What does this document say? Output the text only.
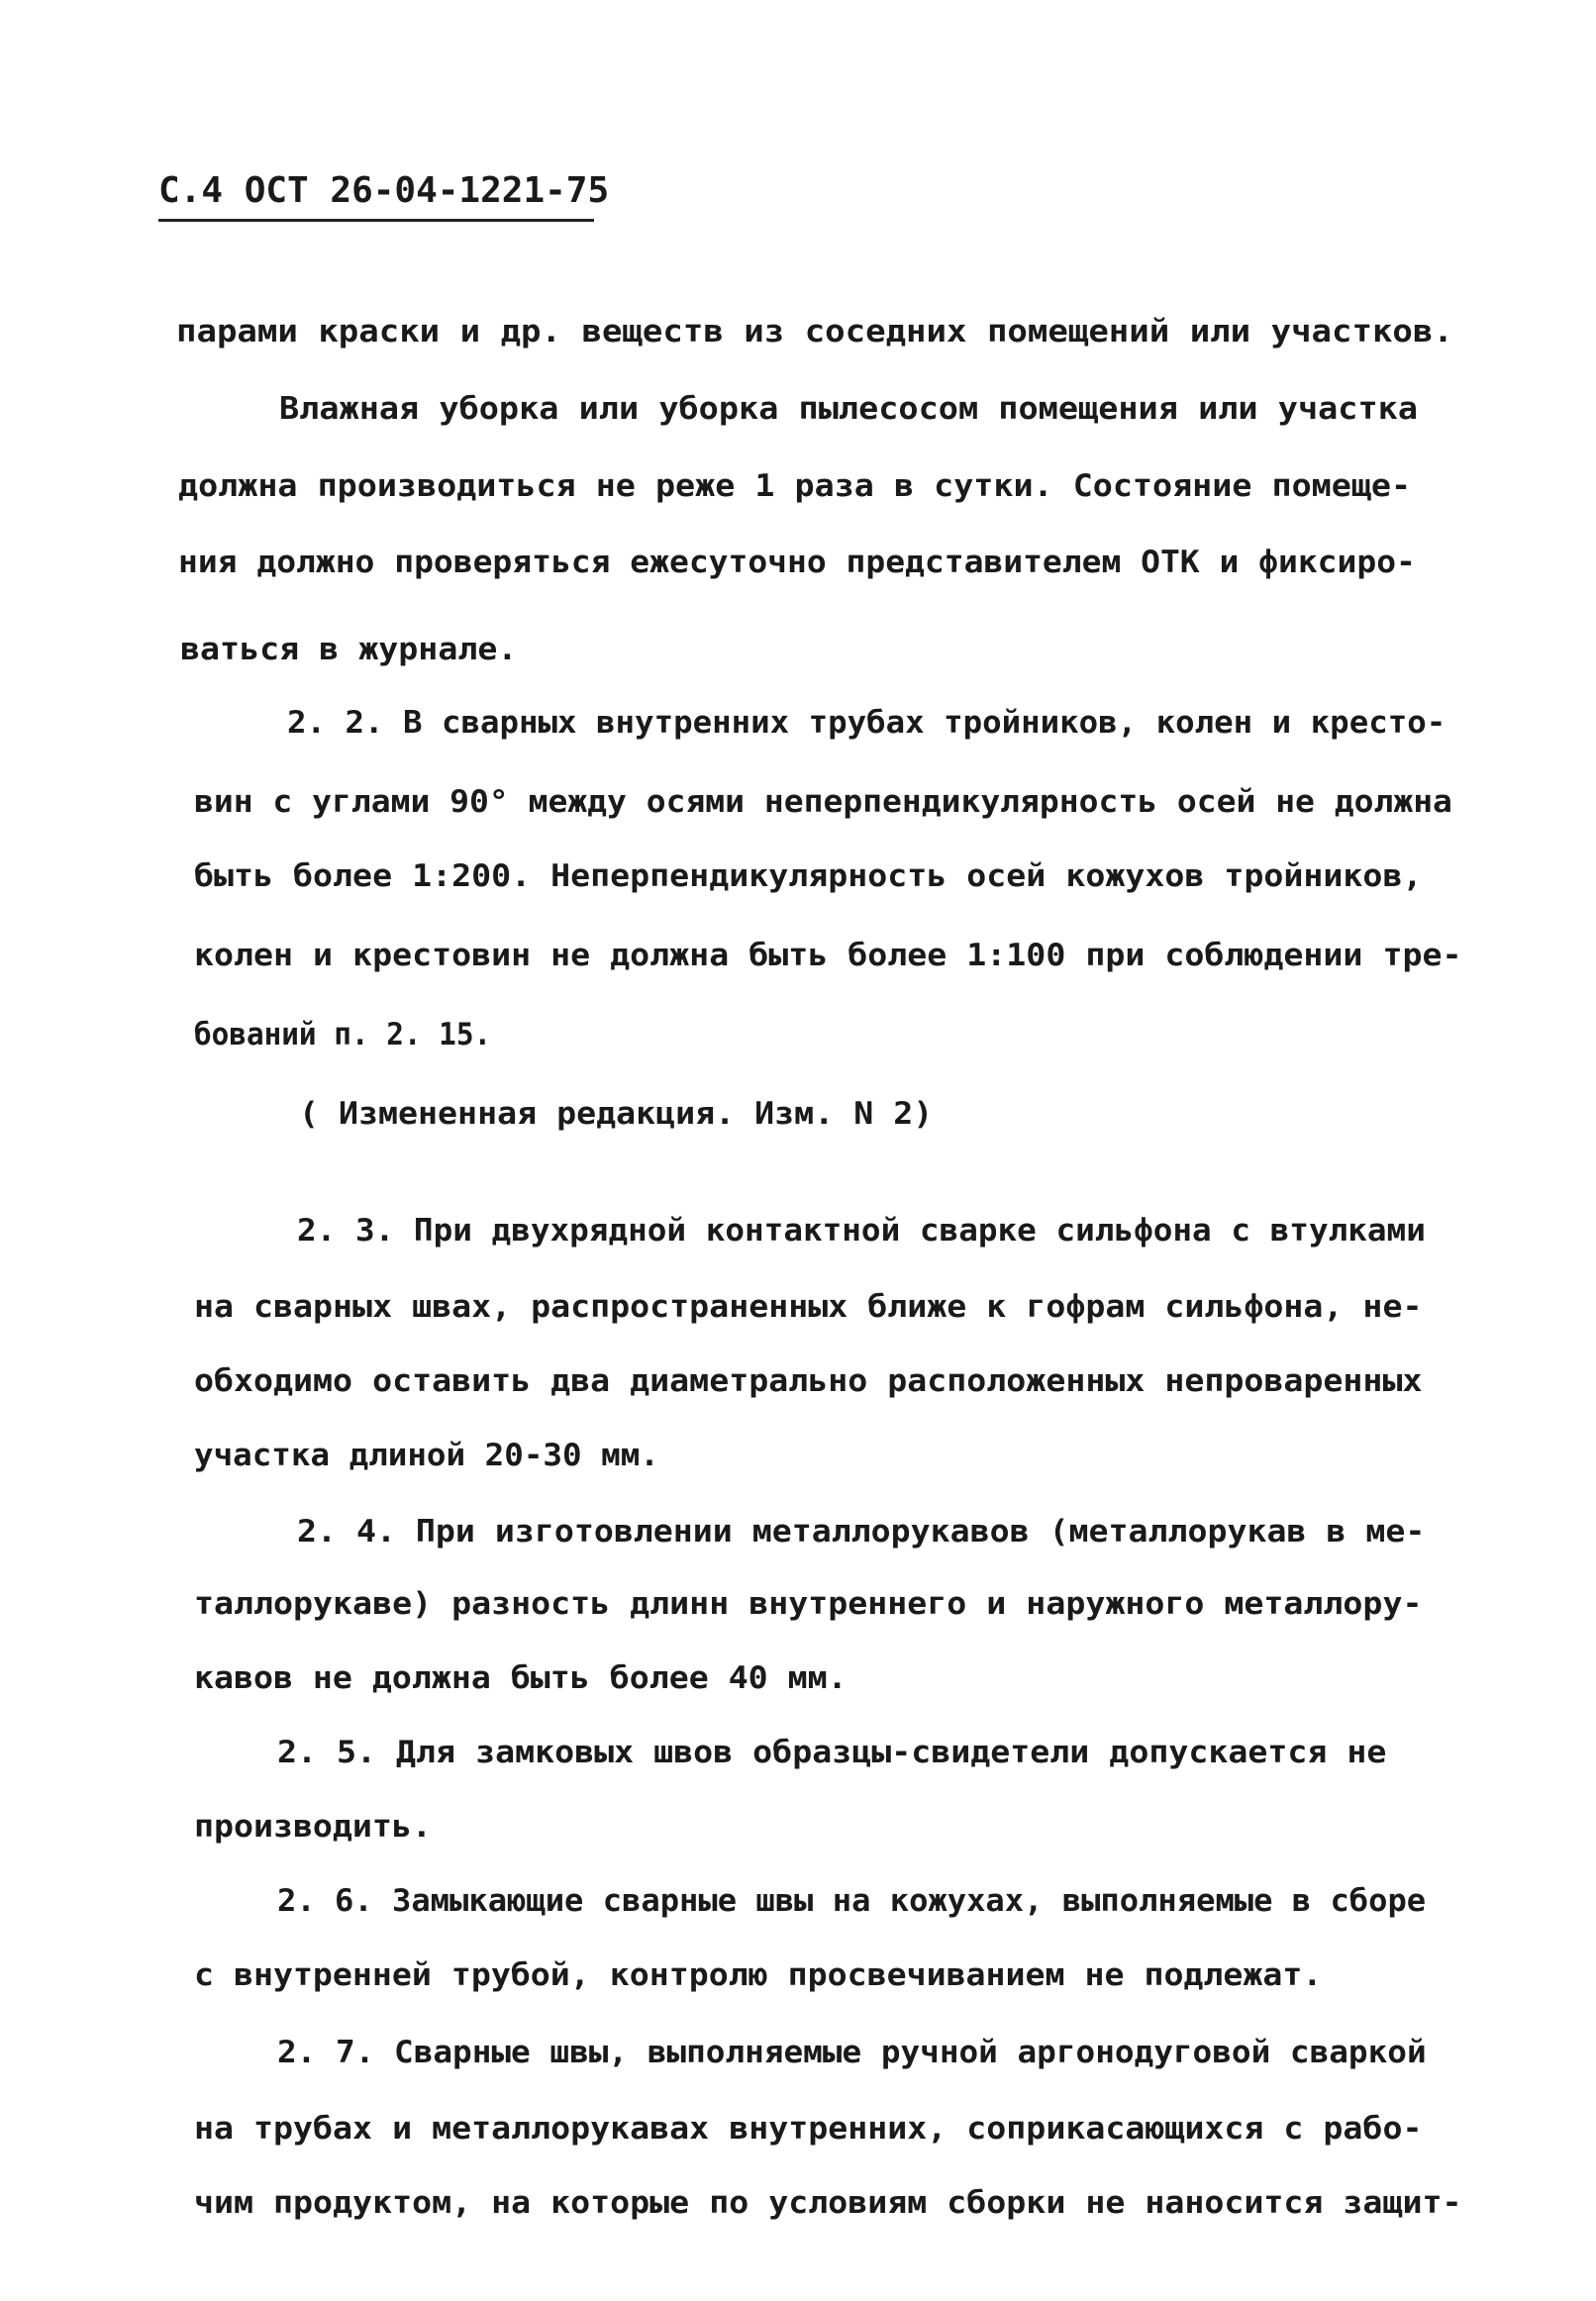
С.4 ОСТ 26-04-1221-75
парами краски и др. веществ из соседних помещений или участков.
Влажная уборка или уборка пылесосом помещения или участка
должна производиться не реже 1 раза в сутки. Состояние помеще-
ния должно проверяться ежесуточно представителем ОТК и фиксиро-
ваться в журнале.
2. 2. В сварных внутренних трубах тройников, колен и кресто-
вин с углами 90° между осями неперпендикулярность осей не должна
быть более 1:200. Неперпендикулярность осей кожухов тройников,
колен и крестовин не должна быть более 1:100 при соблюдении тре-
бований п. 2. 15.
( Измененная редакция. Изм. N 2)
2. 3. При двухрядной контактной сварке сильфона с втулками
на сварных швах, распространенных ближе к гофрам сильфона, не-
обходимо оставить два диаметрально расположенных непроваренных
участка длиной 20-30 мм.
2. 4. При изготовлении металлорукавов (металлорукав в ме-
таллорукаве) разность длинн внутреннего и наружного металлору-
кавов не должна быть более 40 мм.
2. 5. Для замковых швов образцы-свидетели допускается не
производить.
2. 6. Замыкающие сварные швы на кожухах, выполняемые в сборе
с внутренней трубой, контролю просвечиванием не подлежат.
2. 7. Сварные швы, выполняемые ручной аргонодуговой сваркой
на трубах и металлорукавах внутренних, соприкасающихся с рабо-
чим продуктом, на которые по условиям сборки не наносится защит-
